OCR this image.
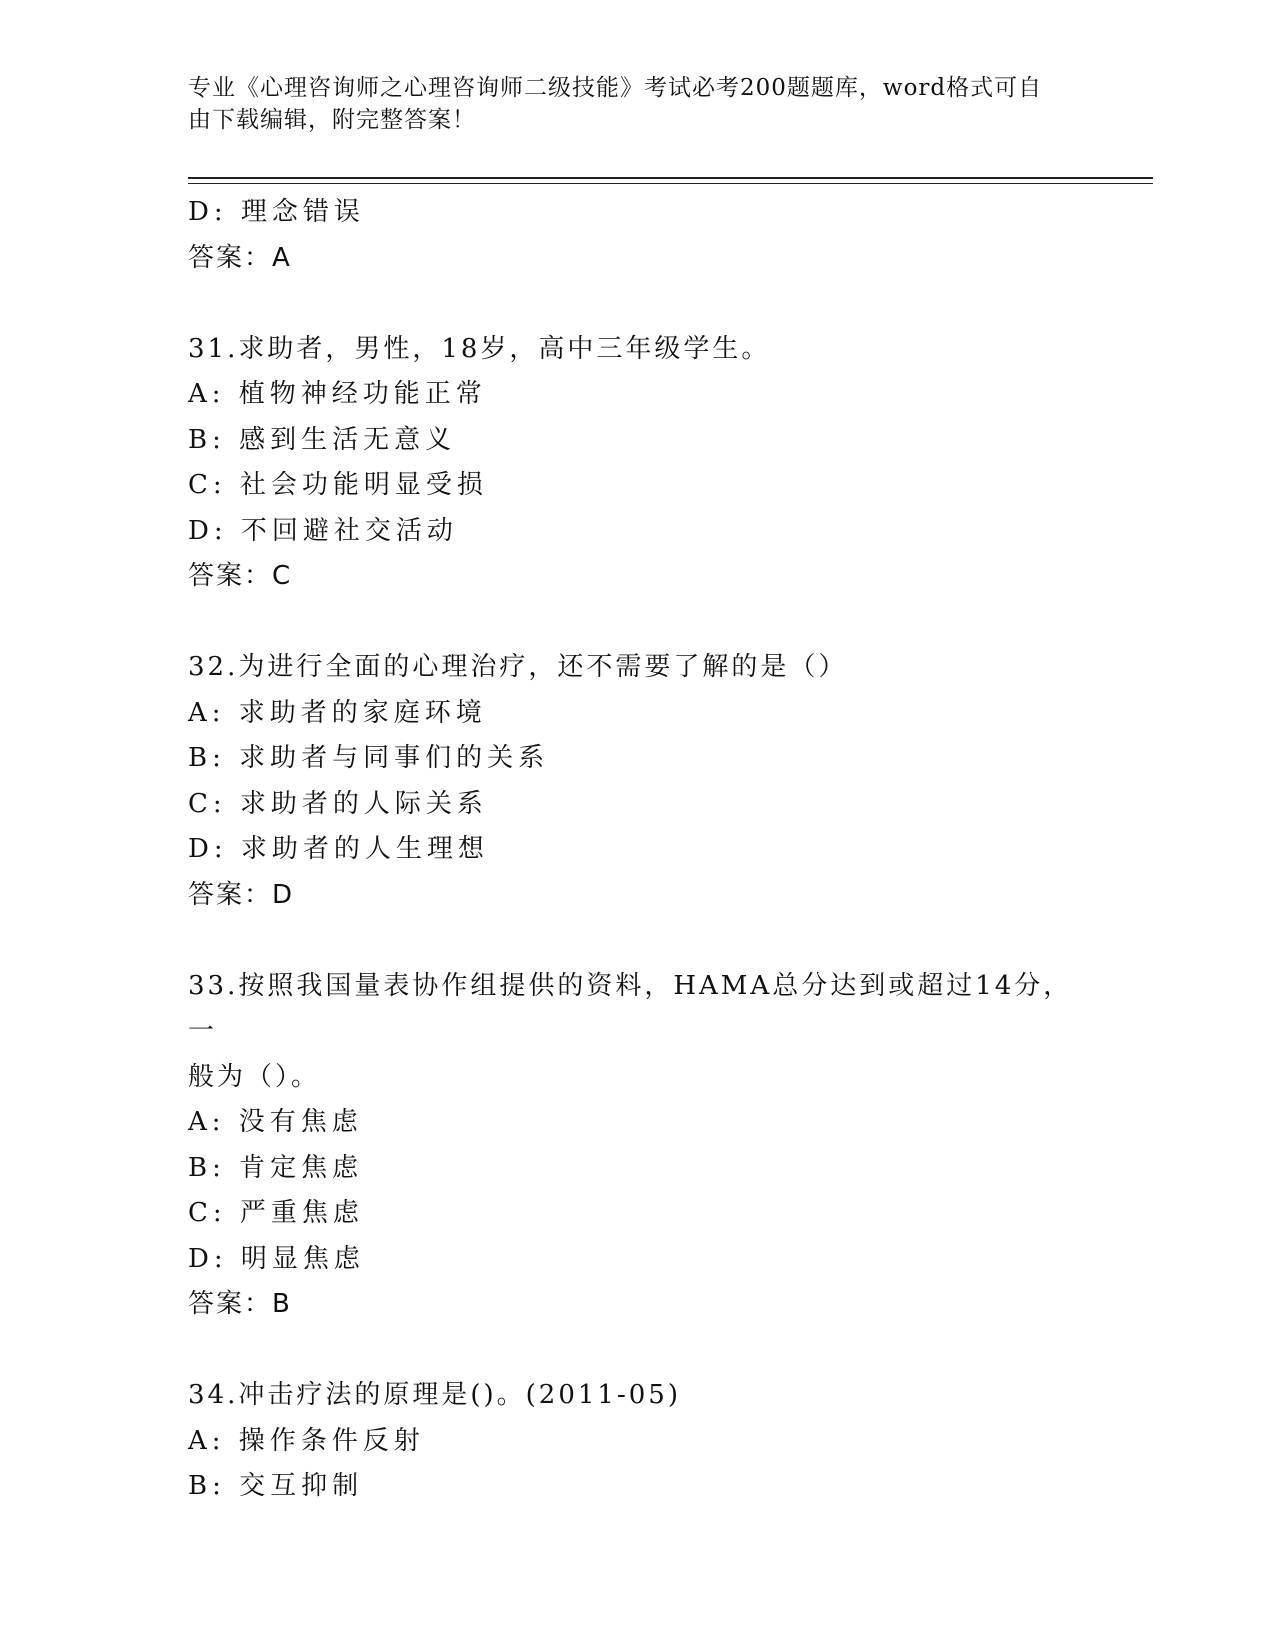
专业《心理咨询师之心理咨询师二级技能》考试必考200题题库，word格式可自
由下载编辑，附完整答案！
D: 理念错误
答案：A
31.求助者，男性，18岁，高中三年级学生。
A: 植物神经功能正常
B: 感到生活无意义
C: 社会功能明显受损
D: 不回避社交活动
答案：C
32.为进行全面的心理治疗，还不需要了解的是（）
A: 求助者的家庭环境
B: 求助者与同事们的关系
C: 求助者的人际关系
D: 求助者的人生理想
答案：D
33.按照我国量表协作组提供的资料，HAMA总分达到或超过14分，一
般为（）。
A: 没有焦虑
B: 肯定焦虑
C: 严重焦虑
D: 明显焦虑
答案：B
34.冲击疗法的原理是()。(2011-05)
A: 操作条件反射
B: 交互抑制
